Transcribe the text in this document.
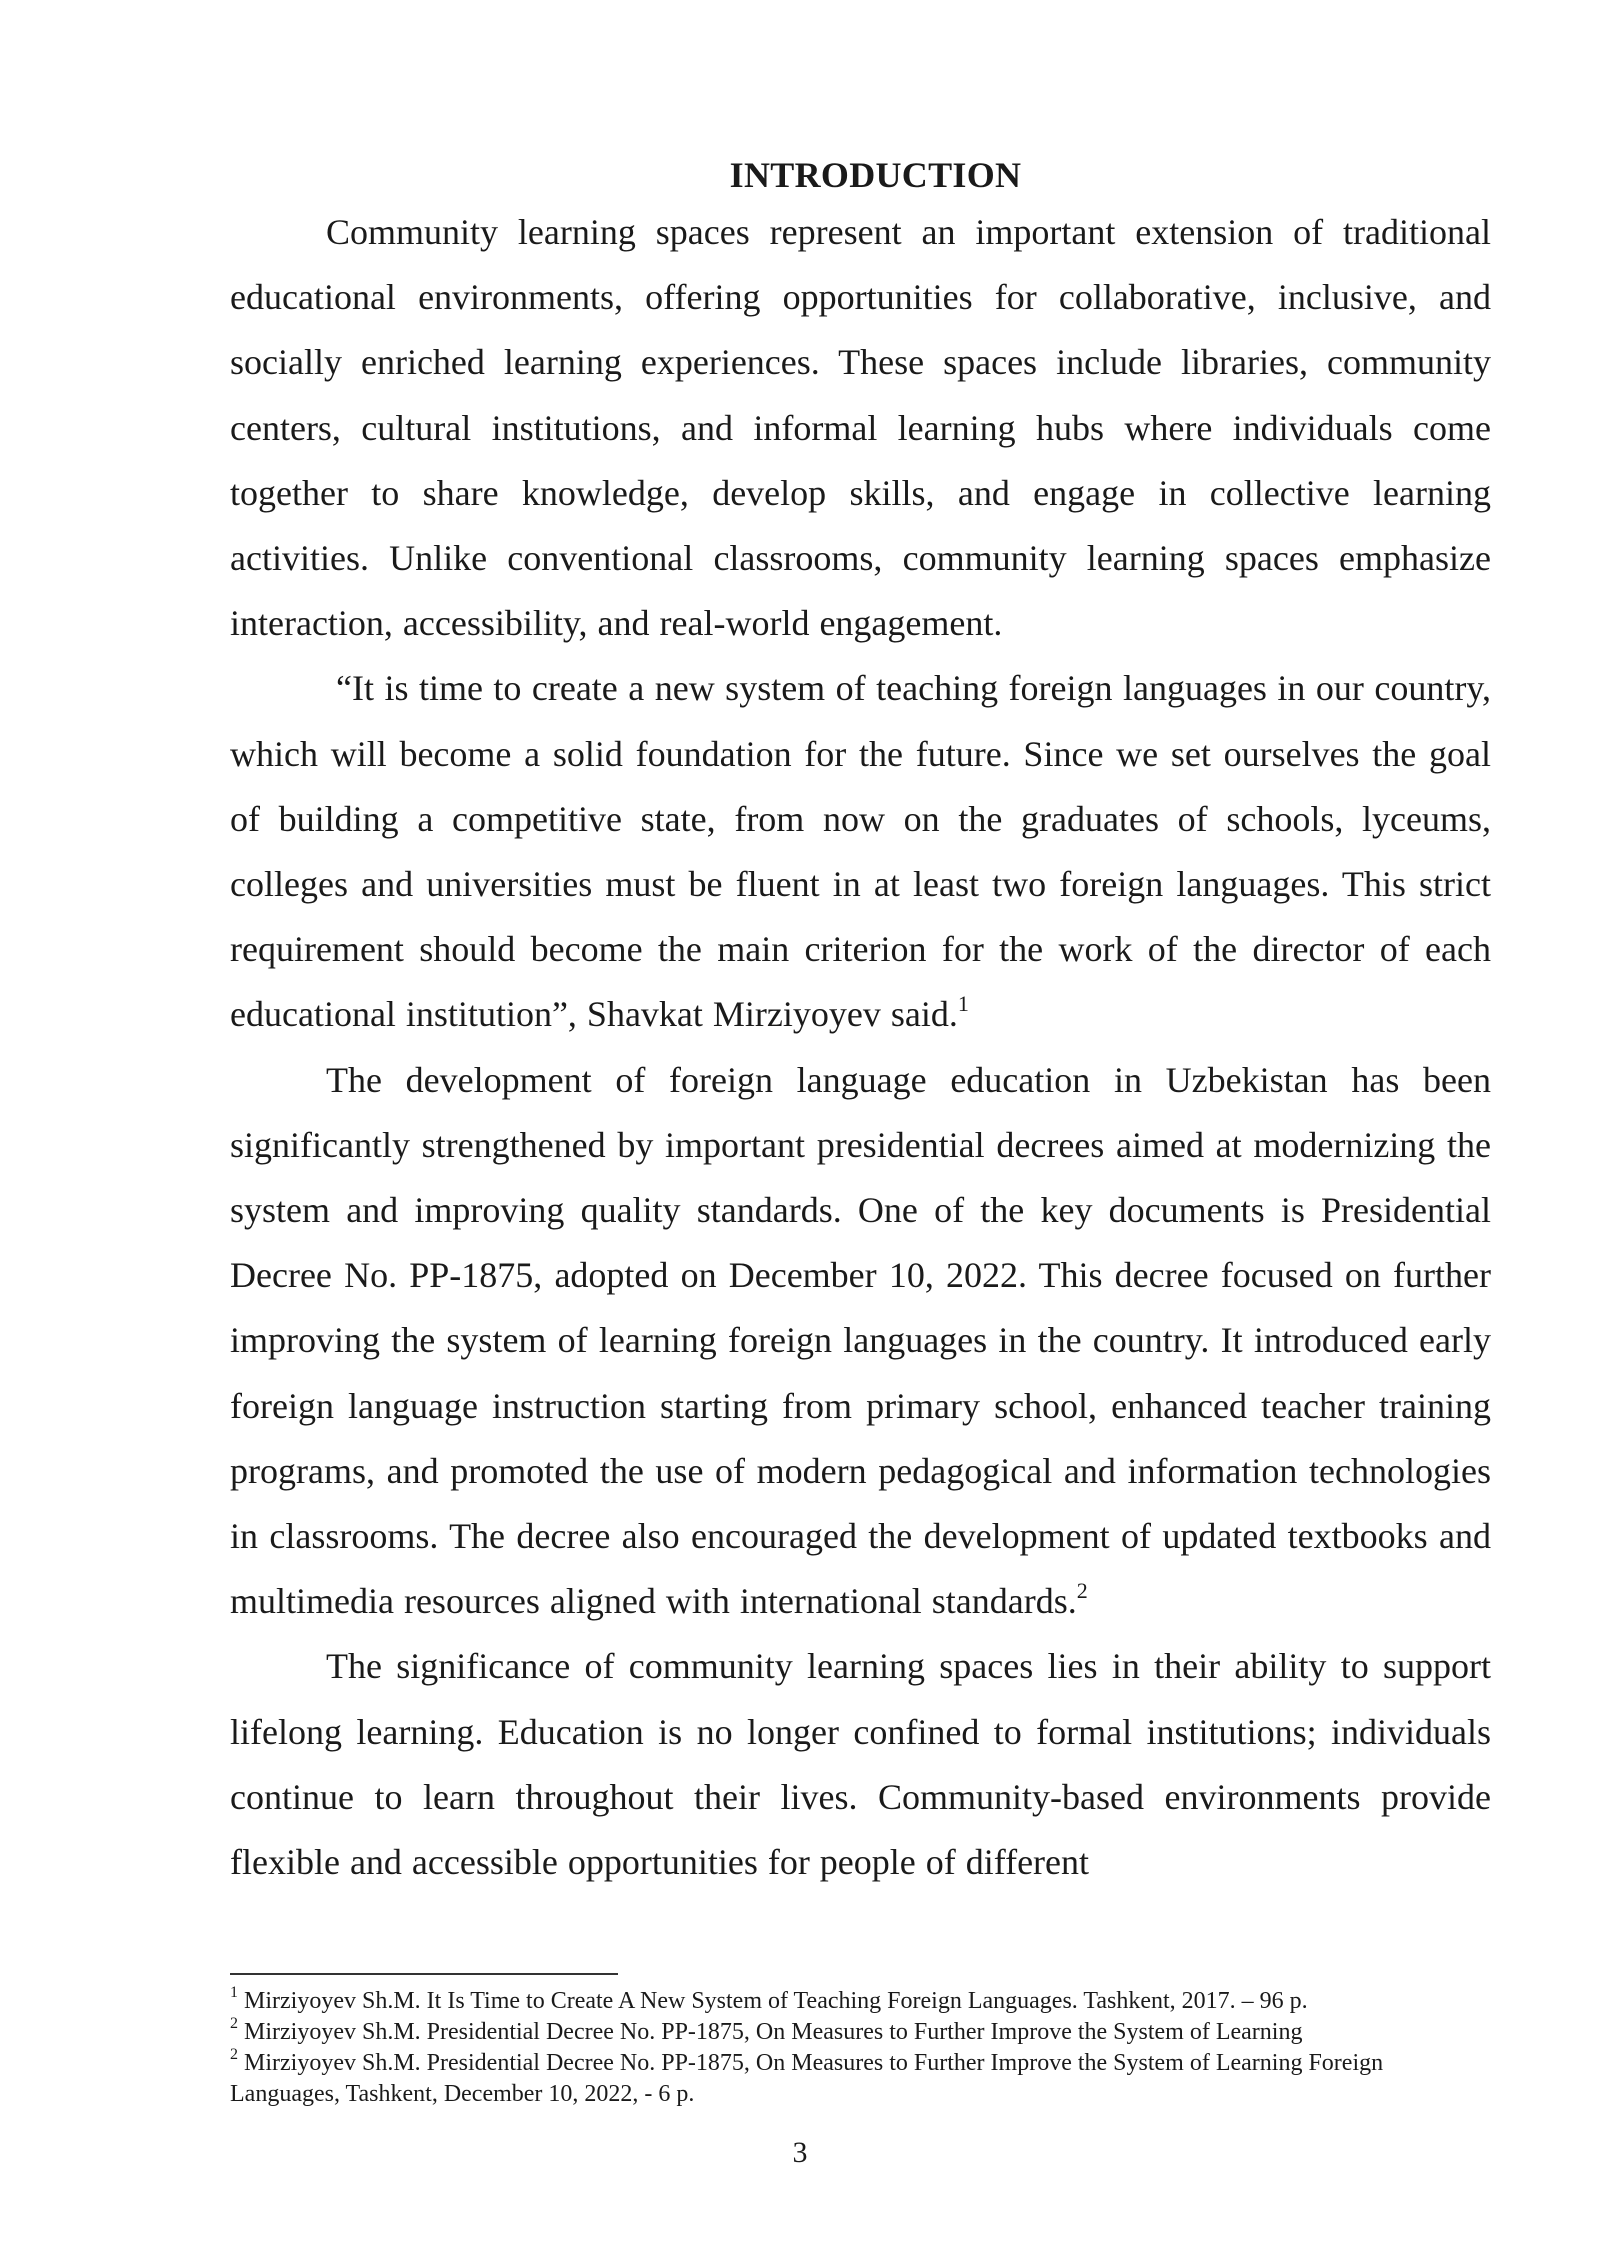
INTRODUCTION

Community learning spaces represent an important extension of traditional educational environments, offering opportunities for collaborative, inclusive, and socially enriched learning experiences. These spaces include libraries, community centers, cultural institutions, and informal learning hubs where individuals come together to share knowledge, develop skills, and engage in collective learning activities. Unlike conventional classrooms, community learning spaces emphasize interaction, accessibility, and real-world engagement.

“It is time to create a new system of teaching foreign languages in our country, which will become a solid foundation for the future. Since we set ourselves the goal of building a competitive state, from now on the graduates of schools, lyceums, colleges and universities must be fluent in at least two foreign languages. This strict requirement should become the main criterion for the work of the director of each educational institution”, Shavkat Mirziyoyev said.$^1$

The development of foreign language education in Uzbekistan has been significantly strengthened by important presidential decrees aimed at modernizing the system and improving quality standards. One of the key documents is Presidential Decree No. PP-1875, adopted on December 10, 2022. This decree focused on further improving the system of learning foreign languages in the country. It introduced early foreign language instruction starting from primary school, enhanced teacher training programs, and promoted the use of modern pedagogical and information technologies in classrooms. The decree also encouraged the development of updated textbooks and multimedia resources aligned with international standards.$^2$

The significance of community learning spaces lies in their ability to support lifelong learning. Education is no longer confined to formal institutions; individuals continue to learn throughout their lives. Community-based environments provide flexible and accessible opportunities for people of different

$^1$ Mirziyoyev Sh.M. It Is Time to Create A New System of Teaching Foreign Languages. Tashkent, 2017. – 96 p.

$^2$ Mirziyoyev Sh.M. Presidential Decree No. PP-1875, On Measures to Further Improve the System of Learning

$^2$ Mirziyoyev Sh.M. Presidential Decree No. PP-1875, On Measures to Further Improve the System of Learning Foreign Languages, Tashkent, December 10, 2022, - 6 p.

3
